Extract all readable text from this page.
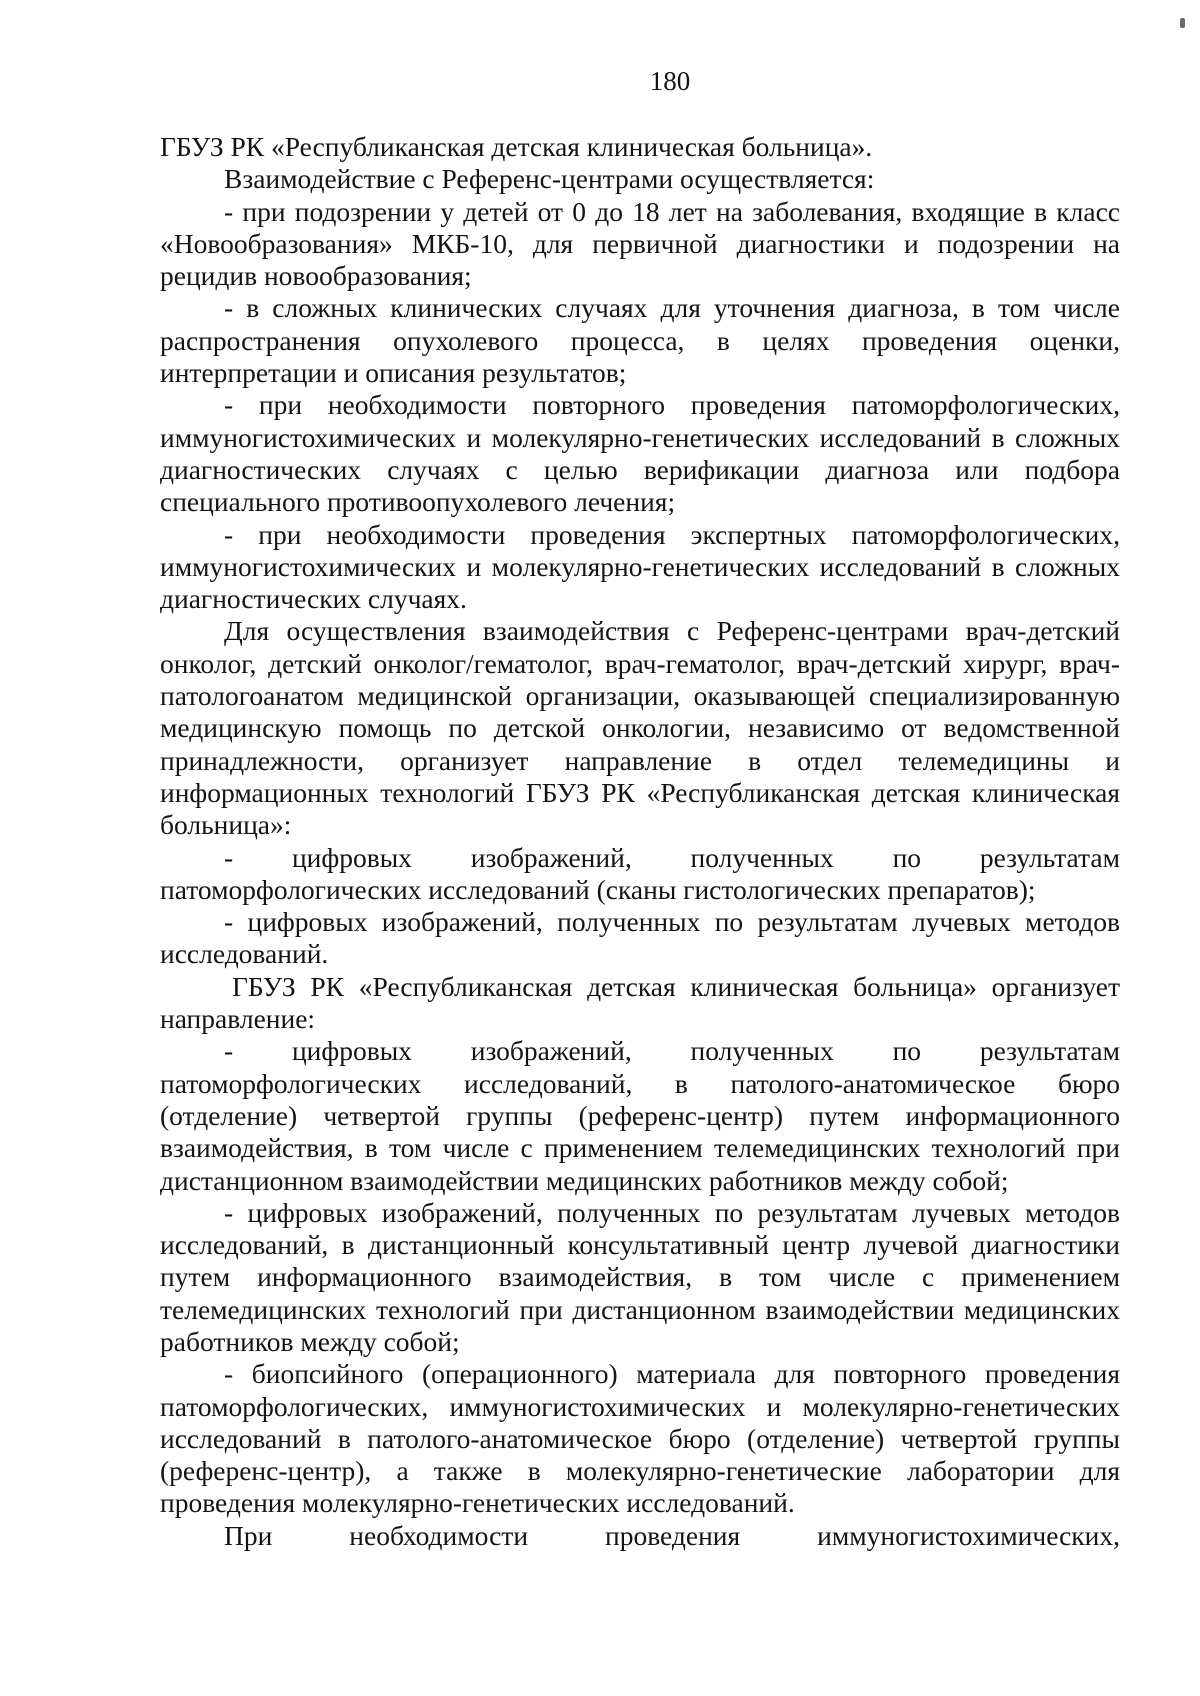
180

ГБУЗ РК «Республиканская детская клиническая больница».

Взаимодействие с Референс-центрами осуществляется:

- при подозрении у детей от 0 до 18 лет на заболевания, входящие в класс «Новообразования» МКБ-10, для первичной диагностики и подозрении на рецидив новообразования;

- в сложных клинических случаях для уточнения диагноза, в том числе распространения опухолевого процесса, в целях проведения оценки, интерпретации и описания результатов;

- при необходимости повторного проведения патоморфологических, иммуногистохимических и молекулярно-генетических исследований в сложных диагностических случаях с целью верификации диагноза или подбора специального противоопухолевого лечения;

- при необходимости проведения экспертных патоморфологических, иммуногистохимических и молекулярно-генетических исследований в сложных диагностических случаях.

Для осуществления взаимодействия с Референс-центрами врач-детский онколог, детский онколог/гематолог, врач-гематолог, врач-детский хирург, врач-патологоанатом медицинской организации, оказывающей специализированную медицинскую помощь по детской онкологии, независимо от ведомственной принадлежности, организует направление в отдел телемедицины и информационных технологий ГБУЗ РК «Республиканская детская клиническая больница»:

- цифровых изображений, полученных по результатам патоморфологических исследований (сканы гистологических препаратов);

- цифровых изображений, полученных по результатам лучевых методов исследований.

ГБУЗ РК «Республиканская детская клиническая больница» организует направление:

- цифровых изображений, полученных по результатам патоморфологических исследований, в патолого-анатомическое бюро (отделение) четвертой группы (референс-центр) путем информационного взаимодействия, в том числе с применением телемедицинских технологий при дистанционном взаимодействии медицинских работников между собой;

- цифровых изображений, полученных по результатам лучевых методов исследований, в дистанционный консультативный центр лучевой диагностики путем информационного взаимодействия, в том числе с применением телемедицинских технологий при дистанционном взаимодействии медицинских работников между собой;

- биопсийного (операционного) материала для повторного проведения патоморфологических, иммуногистохимических и молекулярно-генетических исследований в патолого-анатомическое бюро (отделение) четвертой группы (референс-центр), а также в молекулярно-генетические лаборатории для проведения молекулярно-генетических исследований.

При необходимости проведения иммуногистохимических,
